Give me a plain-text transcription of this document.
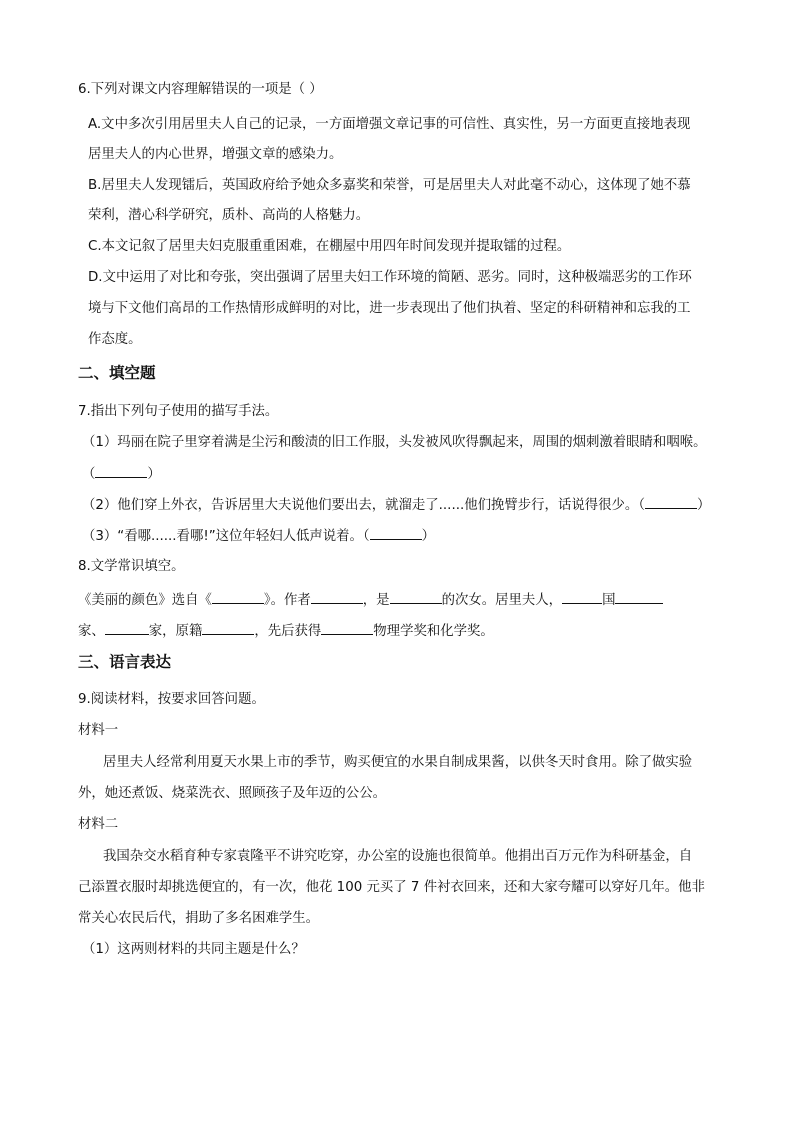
6.下列对课文内容理解错误的一项是（ ）
A.文中多次引用居里夫人自己的记录，一方面增强文章记事的可信性、真实性，另一方面更直接地表现
居里夫人的内心世界，增强文章的感染力。
B.居里夫人发现镭后，英国政府给予她众多嘉奖和荣誉，可是居里夫人对此毫不动心，这体现了她不慕
荣利，潜心科学研究，质朴、高尚的人格魅力。
C.本文记叙了居里夫妇克服重重困难，在棚屋中用四年时间发现并提取镭的过程。
D.文中运用了对比和夸张，突出强调了居里夫妇工作环境的简陋、恶劣。同时，这种极端恶劣的工作环
境与下文他们高昂的工作热情形成鲜明的对比，进一步表现出了他们执着、坚定的科研精神和忘我的工
作态度。
二、填空题
7.指出下列句子使用的描写手法。
（1）玛丽在院子里穿着满是尘污和酸渍的旧工作服，头发被风吹得飘起来，周围的烟刺激着眼睛和咽喉。
（	）
（2）他们穿上外衣，告诉居里大夫说他们要出去，就溜走了......他们挽臂步行，话说得很少。（	）
（3）“看哪......看哪!”这位年轻妇人低声说着。（	）
8.文学常识填空。
《美丽的颜色》选自《	》。作者	，是	的次女。居里夫人，	国
家、	家，原籍	，先后获得	物理学奖和化学奖。
三、语言表达
9.阅读材料，按要求回答问题。
材料一
居里夫人经常利用夏天水果上市的季节，购买便宜的水果自制成果酱，以供冬天时食用。除了做实验
外，她还煮饭、烧菜洗衣、照顾孩子及年迈的公公。
材料二
我国杂交水稻育种专家袁隆平不讲究吃穿，办公室的设施也很简单。他捐出百万元作为科研基金，自
己添置衣服时却挑选便宜的，有一次，他花 100 元买了 7 件衬衣回来，还和大家夸耀可以穿好几年。他非
常关心农民后代，捐助了多名困难学生。
（1）这两则材料的共同主题是什么？
